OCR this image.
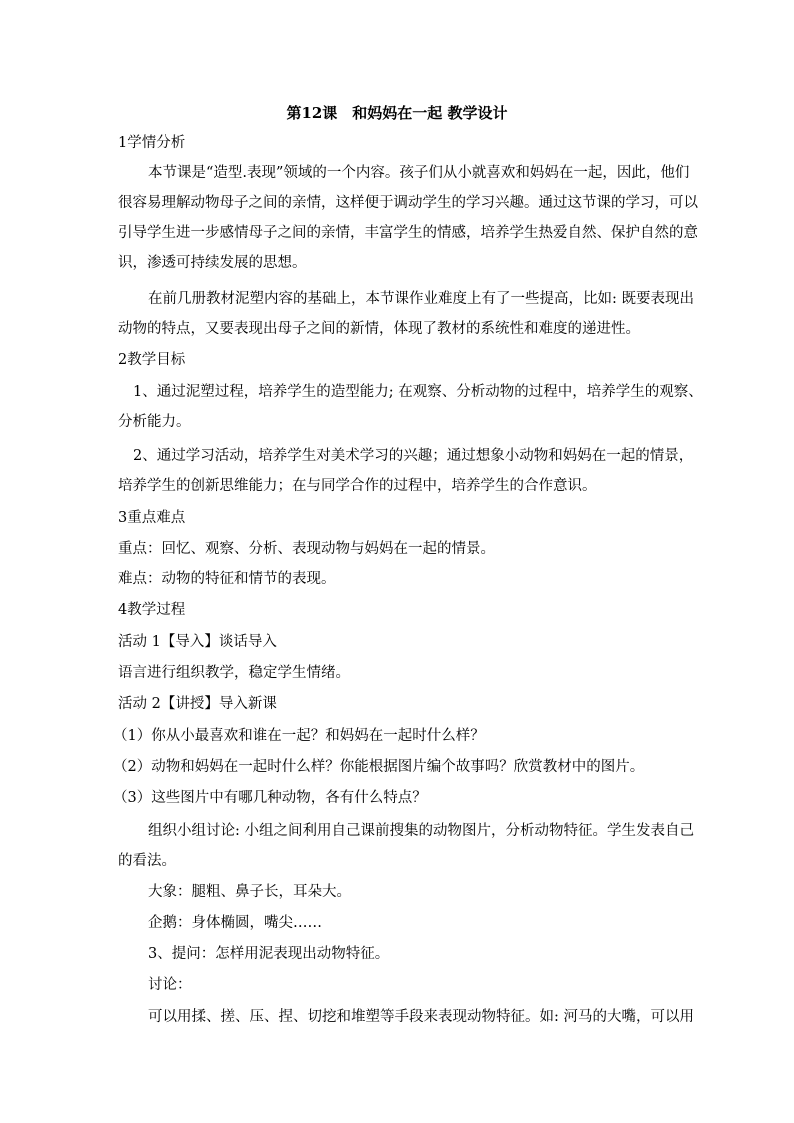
第12课　和妈妈在一起 教学设计
1学情分析
本节课是“造型.表现”领域的一个内容。孩子们从小就喜欢和妈妈在一起，因此，他们
很容易理解动物母子之间的亲情，这样便于调动学生的学习兴趣。通过这节课的学习，可以
引导学生进一步感情母子之间的亲情，丰富学生的情感，培养学生热爱自然、保护自然的意
识，渗透可持续发展的思想。
在前几册教材泥塑内容的基础上，本节课作业难度上有了一些提高，比如: 既要表现出
动物的特点，又要表现出母子之间的新情，体现了教材的系统性和难度的递进性。
2教学目标
1、通过泥塑过程，培养学生的造型能力; 在观察、分析动物的过程中，培养学生的观察、
分析能力。
2、通过学习活动，培养学生对美术学习的兴趣；通过想象小动物和妈妈在一起的情景，
培养学生的创新思维能力；在与同学合作的过程中，培养学生的合作意识。
3重点难点
重点：回忆、观察、分析、表现动物与妈妈在一起的情景。
难点：动物的特征和情节的表现。
4教学过程
活动 1【导入】谈话导入
语言进行组织教学，稳定学生情绪。
活动 2【讲授】导入新课
（1）你从小最喜欢和谁在一起？和妈妈在一起时什么样？
（2）动物和妈妈在一起时什么样？你能根据图片编个故事吗？欣赏教材中的图片。
（3）这些图片中有哪几种动物，各有什么特点？
组织小组讨论: 小组之间利用自己课前搜集的动物图片，分析动物特征。学生发表自己
的看法。
大象：腿粗、鼻子长，耳朵大。
企鹅：身体椭圆，嘴尖……
3、提问：怎样用泥表现出动物特征。
讨论：
可以用揉、搓、压、捏、切挖和堆塑等手段来表现动物特征。如: 河马的大嘴，可以用
